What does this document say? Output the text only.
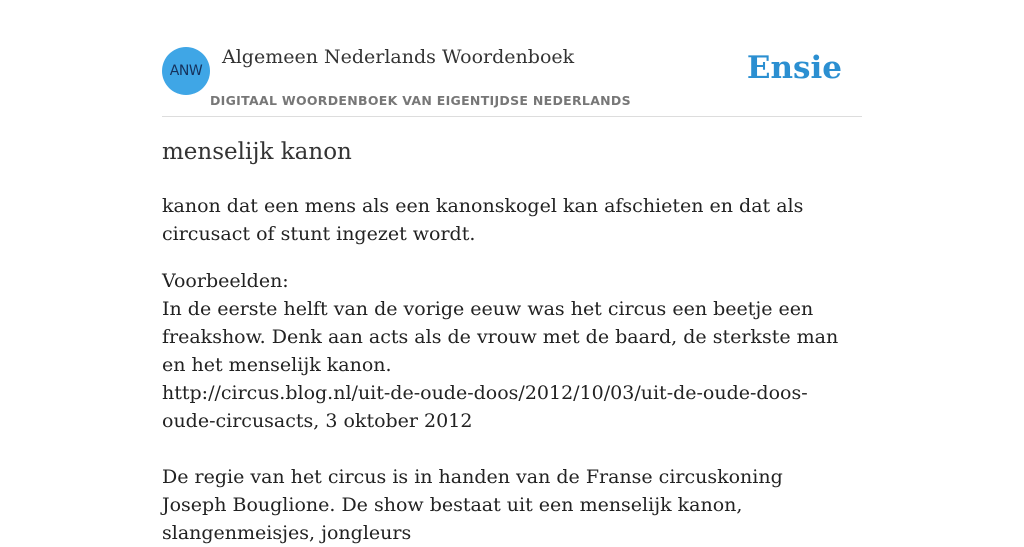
ANW
Algemeen Nederlands Woordenboek
DIGITAAL WOORDENBOEK VAN EIGENTIJDSE NEDERLANDS
Ensie
menselijk kanon
kanon dat een mens als een kanonskogel kan afschieten en dat als circusact of stunt ingezet wordt.

Voorbeelden:

In de eerste helft van de vorige eeuw was het circus een beetje een freakshow. Denk aan acts als de vrouw met de baard, de sterkste man en het menselijk kanon.

http://circus.blog.nl/uit-de-oude-doos/2012/10/03/uit-de-oude-doos-oude-circusacts, 3 oktober 2012

De regie van het circus is in handen van de Franse circuskoning Joseph Bouglione. De show bestaat uit een menselijk kanon, slangenmeisjes, jongleurs
